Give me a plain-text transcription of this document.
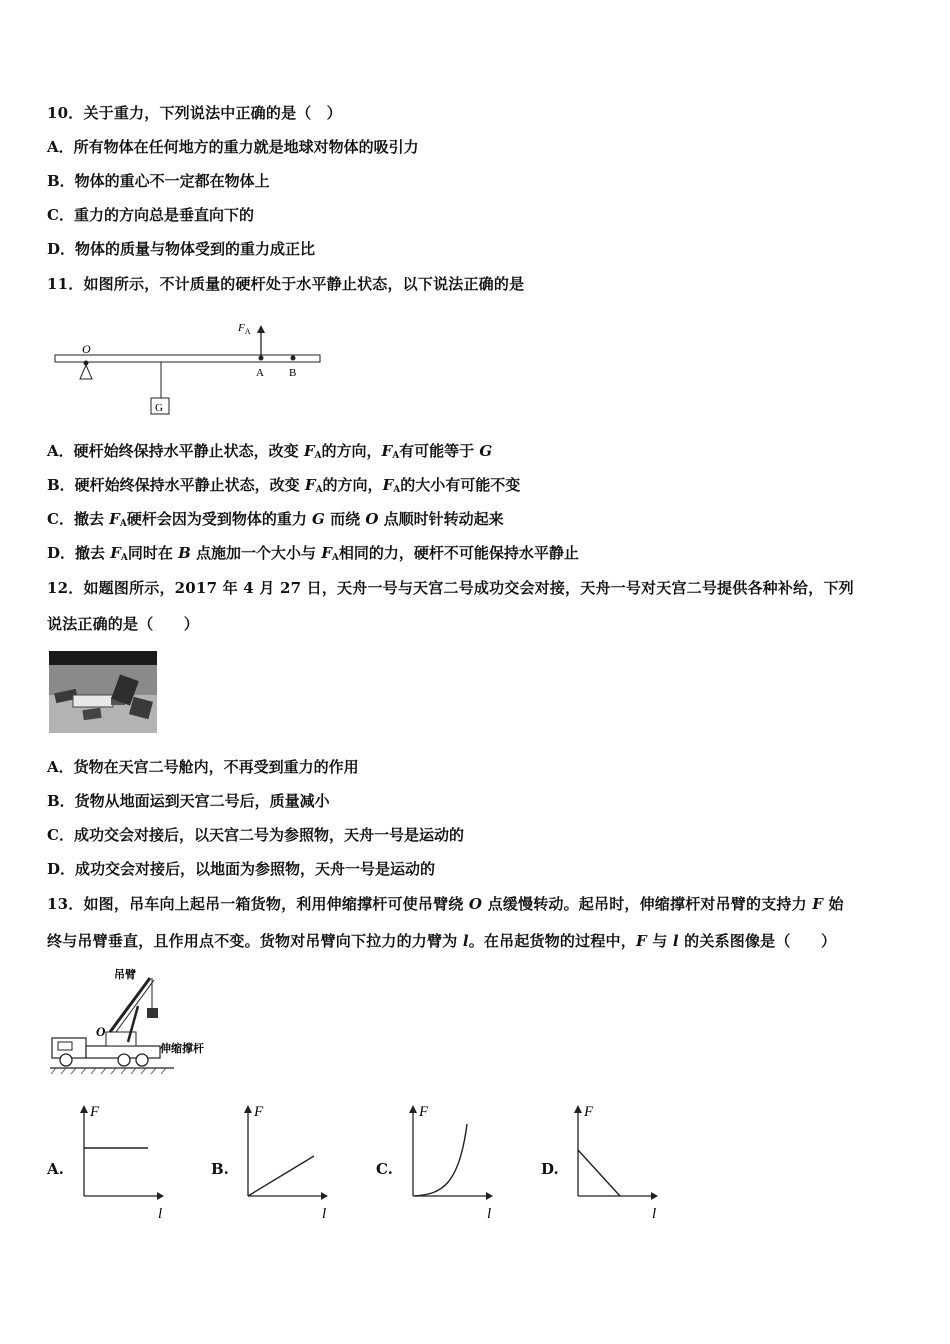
10．关于重力，下列说法中正确的是（　）
A．所有物体在任何地方的重力就是地球对物体的吸引力
B．物体的重心不一定都在物体上
C．重力的方向总是垂直向下的
D．物体的质量与物体受到的重力成正比
11．如图所示，不计质量的硬杆处于水平静止状态，以下说法正确的是
O
G
$F_A$
A B
A．硬杆始终保持水平静止状态，改变 $F_A$的方向，$F_A$有可能等于 G
B．硬杆始终保持水平静止状态，改变 $F_A$的方向，$F_A$的大小有可能不变
C．撤去 $F_A$硬杆会因为受到物体的重力 G 而绕 O 点顺时针转动起来
D．撤去 $F_A$同时在 B 点施加一个大小与 $F_A$相同的力，硬杆不可能保持水平静止
12．如题图所示，2017 年 4 月 27 日，天舟一号与天宫二号成功交会对接，天舟一号对天宫二号提供各种补给，下列
说法正确的是（　　）
A．货物在天宫二号舱内，不再受到重力的作用
B．货物从地面运到天宫二号后，质量减小
C．成功交会对接后，以天宫二号为参照物，天舟一号是运动的
D．成功交会对接后，以地面为参照物，天舟一号是运动的
13．如图，吊车向上起吊一箱货物，利用伸缩撑杆可使吊臂绕 O 点缓慢转动。起吊时，伸缩撑杆对吊臂的支持力 F 始
终与吊臂垂直，且作用点不变。货物对吊臂向下拉力的力臂为 l。在吊起货物的过程中，F 与 l 的关系图像是（　　）
吊臂
O
伸缩撑杆
A.
F
l
B.
F
l
C.
F
l
D.
F
l
